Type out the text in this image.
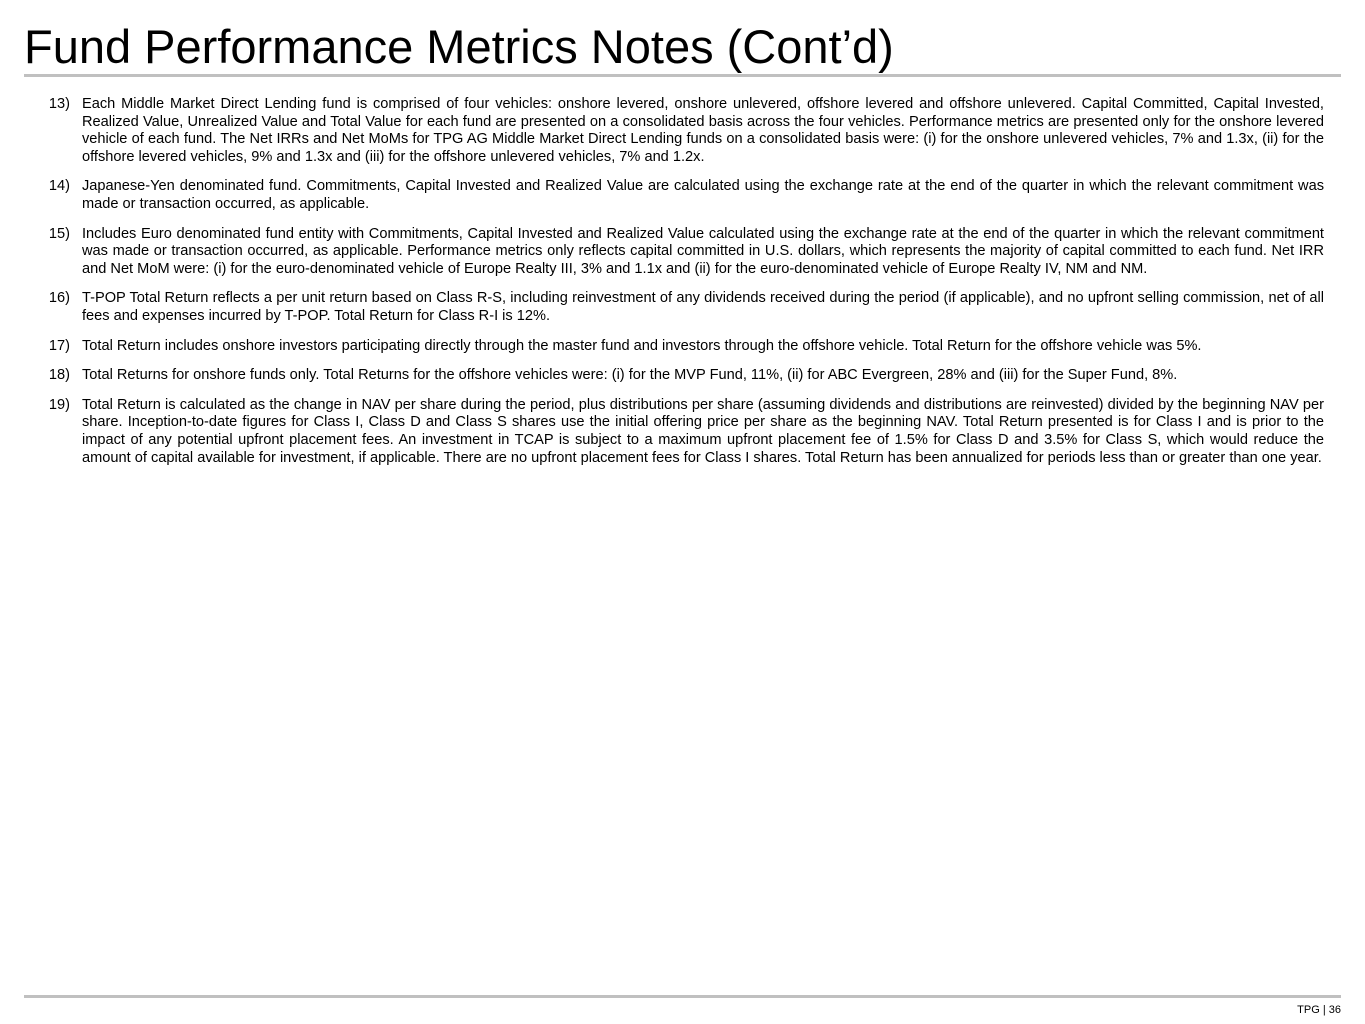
Fund Performance Metrics Notes (Cont’d)
13) Each Middle Market Direct Lending fund is comprised of four vehicles: onshore levered, onshore unlevered, offshore levered and offshore unlevered. Capital Committed, Capital Invested, Realized Value, Unrealized Value and Total Value for each fund are presented on a consolidated basis across the four vehicles. Performance metrics are presented only for the onshore levered vehicle of each fund. The Net IRRs and Net MoMs for TPG AG Middle Market Direct Lending funds on a consolidated basis were: (i) for the onshore unlevered vehicles, 7% and 1.3x, (ii) for the offshore levered vehicles, 9% and 1.3x and (iii) for the offshore unlevered vehicles, 7% and 1.2x.
14) Japanese-Yen denominated fund. Commitments, Capital Invested and Realized Value are calculated using the exchange rate at the end of the quarter in which the relevant commitment was made or transaction occurred, as applicable.
15) Includes Euro denominated fund entity with Commitments, Capital Invested and Realized Value calculated using the exchange rate at the end of the quarter in which the relevant commitment was made or transaction occurred, as applicable. Performance metrics only reflects capital committed in U.S. dollars, which represents the majority of capital committed to each fund. Net IRR and Net MoM were: (i) for the euro-denominated vehicle of Europe Realty III, 3% and 1.1x and (ii) for the euro-denominated vehicle of Europe Realty IV, NM and NM.
16) T-POP Total Return reflects a per unit return based on Class R-S, including reinvestment of any dividends received during the period (if applicable), and no upfront selling commission, net of all fees and expenses incurred by T-POP. Total Return for Class R-I is 12%.
17) Total Return includes onshore investors participating directly through the master fund and investors through the offshore vehicle. Total Return for the offshore vehicle was 5%.
18) Total Returns for onshore funds only. Total Returns for the offshore vehicles were: (i) for the MVP Fund, 11%, (ii) for ABC Evergreen, 28% and (iii) for the Super Fund, 8%.
19) Total Return is calculated as the change in NAV per share during the period, plus distributions per share (assuming dividends and distributions are reinvested) divided by the beginning NAV per share. Inception-to-date figures for Class I, Class D and Class S shares use the initial offering price per share as the beginning NAV. Total Return presented is for Class I and is prior to the impact of any potential upfront placement fees. An investment in TCAP is subject to a maximum upfront placement fee of 1.5% for Class D and 3.5% for Class S, which would reduce the amount of capital available for investment, if applicable. There are no upfront placement fees for Class I shares. Total Return has been annualized for periods less than or greater than one year.
TPG | 36
